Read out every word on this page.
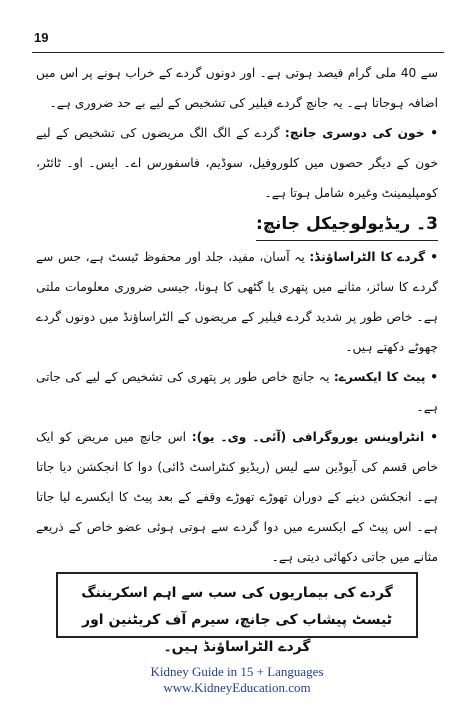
19

سے 40 ملی گرام فیصد ہوتی ہے۔ اور دونوں گردے کے خراب ہونے پر اس میں اضافہ ہوجاتا ہے۔ یہ جانچ گردے فیلیر کی تشخیص کے لیے بے حد ضروری ہے۔

• خون کی دوسری جانچ: گردے کے الگ الگ مریضوں کی تشخیص کے لیے خون کے دیگر حصوں میں کلوروفیل، سوڈیم، فاسفورس اے۔ ایس۔ او۔ ٹائٹر، کومپلیمینٹ وغیرہ شامل ہوتا ہے۔

3۔ ریڈیولوجیکل جانچ:

• گردے کا الٹراساؤنڈ: یہ آسان، مفید، جلد اور محفوظ ٹیسٹ ہے، جس سے گردے کا سائز، مثانے میں پتھری یا گٹھی کا ہونا، جیسی ضروری معلومات ملتی ہے۔ خاص طور پر شدید گردے فیلیر کے مریضوں کے الٹراساؤنڈ میں دونوں گردے چھوٹے دکھتے ہیں۔

• پیٹ کا ایکسرے: یہ جانچ خاص طور پر پتھری کی تشخیص کے لیے کی جاتی ہے۔

• انٹراوینس یوروگرافی (آئی۔ وی۔ یو): اس جانچ میں مریض کو ایک خاص قسم کی آیوڈین سے لیس (ریڈیو کنٹراسٹ ڈائی) دوا کا انجکشن دیا جاتا ہے۔ انجکشن دینے کے دوران تھوڑے تھوڑے وقفے کے بعد پیٹ کا ایکسرے لیا جاتا ہے۔ اس پیٹ کے ایکسرے میں دوا گردے سے ہوتی ہوئی عضو خاص کے ذریعے مثانے میں جاتی دکھائی دیتی ہے۔

گردے کی بیماریوں کی سب سے اہم اسکریننگ ٹیسٹ پیشاب کی جانچ، سیرم آف کریٹنین اور گردے الٹراساؤنڈ ہیں۔
Kidney Guide in 15 + Languages
www.KidneyEducation.com
